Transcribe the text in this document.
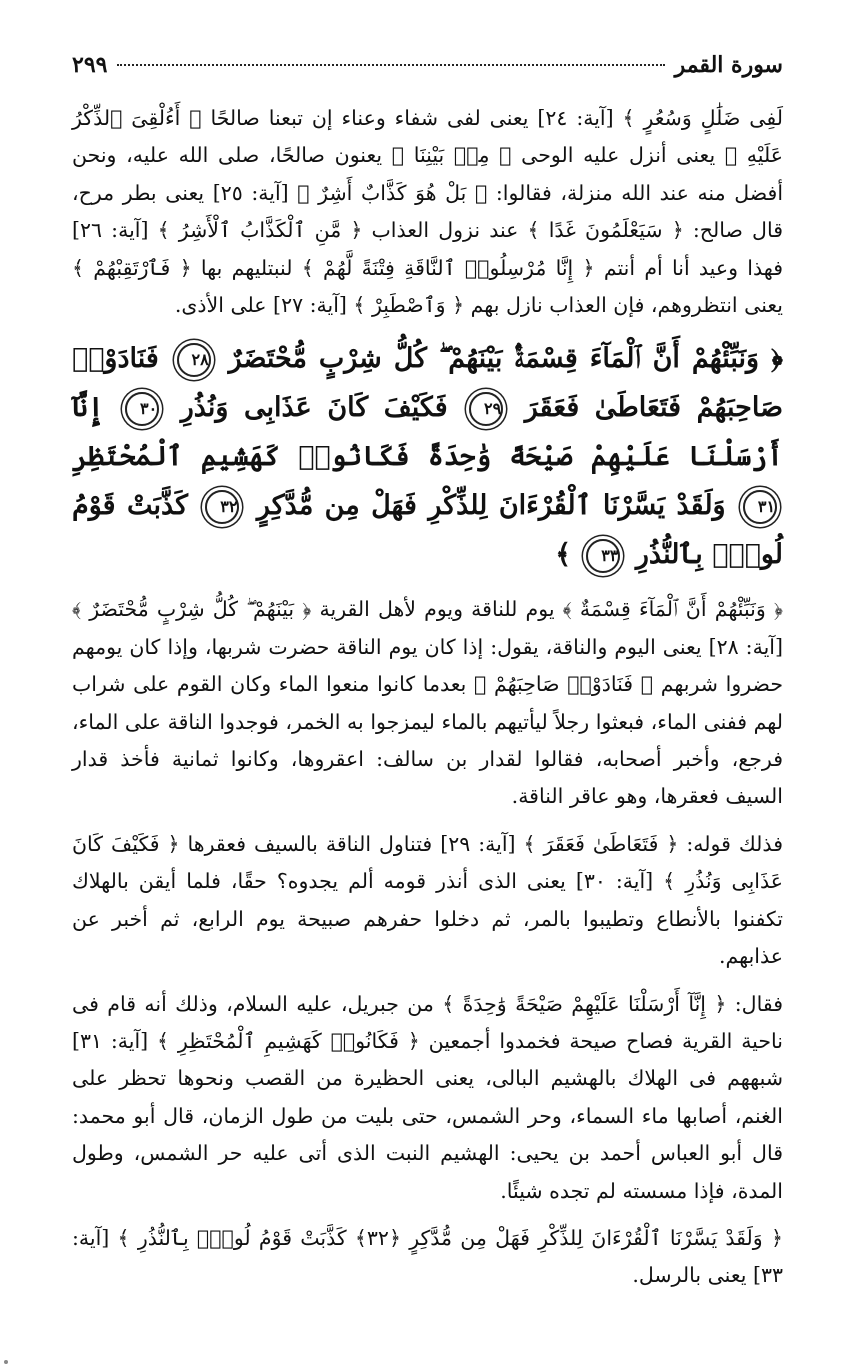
سورة القمر
٢٩٩

لَفِى ضَلَٰلٍ وَسُعُرٍ ﴾ [آية: ٢٤] يعنى لفى شفاء وعناء إن تبعنا صالحًا ﴿ أَءُلْقِىَ ٱلذِّكْرُ عَلَيْهِ ﴾ يعنى أنزل عليه الوحى ﴿ مِنۢ بَيْنِنَا ﴾ يعنون صالحًا، صلى الله عليه، ونحن أفضل منه عند الله منزلة، فقالوا: ﴿ بَلْ هُوَ كَذَّابٌ أَشِرٌ ﴾ [آية: ٢٥] يعنى بطر مرح، قال صالح: ﴿ سَيَعْلَمُونَ غَدًا ﴾ عند نزول العذاب ﴿ مَّنِ ٱلْكَذَّابُ ٱلْأَشِرُ ﴾ [آية: ٢٦] فهذا وعيد أنا أم أنتم ﴿ إِنَّا مُرْسِلُوا۟ ٱلنَّاقَةِ فِتْنَةً لَّهُمْ ﴾ لنبتليهم بها ﴿ فَٱرْتَقِبْهُمْ ﴾ يعنى انتظروهم، فإن العذاب نازل بهم ﴿ وَٱصْطَبِرْ ﴾ [آية: ٢٧] على الأذى.

﴿ وَنَبِّئْهُمْ أَنَّ ٱلْمَآءَ قِسْمَةٌۢ بَيْنَهُمْ ۖ كُلُّ شِرْبٍ مُّحْتَضَرٌ ٢٨ فَنَادَوْا۟ صَاحِبَهُمْ فَتَعَاطَىٰ فَعَقَرَ ٢٩ فَكَيْفَ كَانَ عَذَابِى وَنُذُرِ ٣٠ إِنَّآ أَرْسَلْنَا عَلَيْهِمْ صَيْحَةً وَٰحِدَةً فَكَانُوا۟ كَهَشِيمِ ٱلْمُحْتَظِرِ ٣١ وَلَقَدْ يَسَّرْنَا ٱلْقُرْءَانَ لِلذِّكْرِ فَهَلْ مِن مُّدَّكِرٍ ٣٢ كَذَّبَتْ قَوْمُ لُوطٍۭ بِٱلنُّذُرِ ٣٣ ﴾

﴿ وَنَبِّئْهُمْ أَنَّ ٱلْمَآءَ قِسْمَةٌ ﴾ يوم للناقة ويوم لأهل القرية ﴿ بَيْنَهُمْ ۖ كُلُّ شِرْبٍ مُّحْتَضَرٌ ﴾ [آية: ٢٨] يعنى اليوم والناقة، يقول: إذا كان يوم الناقة حضرت شربها، وإذا كان يومهم حضروا شربهم ﴿ فَنَادَوْا۟ صَاحِبَهُمْ ﴾ بعدما كانوا منعوا الماء وكان القوم على شراب لهم ففنى الماء، فبعثوا رجلاً ليأتيهم بالماء ليمزجوا به الخمر، فوجدوا الناقة على الماء، فرجع، وأخبر أصحابه، فقالوا لقدار بن سالف: اعقروها، وكانوا ثمانية فأخذ قدار السيف فعقرها، وهو عاقر الناقة.

فذلك قوله: ﴿ فَتَعَاطَىٰ فَعَقَرَ ﴾ [آية: ٢٩] فتناول الناقة بالسيف فعقرها ﴿ فَكَيْفَ كَانَ عَذَابِى وَنُذُرِ ﴾ [آية: ٣٠] يعنى الذى أنذر قومه ألم يجدوه؟ حقًا، فلما أيقن بالهلاك تكفنوا بالأنطاع وتطيبوا بالمر، ثم دخلوا حفرهم صبيحة يوم الرابع، ثم أخبر عن عذابهم.

فقال: ﴿ إِنَّآ أَرْسَلْنَا عَلَيْهِمْ صَيْحَةً وَٰحِدَةً ﴾ من جبريل، عليه السلام، وذلك أنه قام فى ناحية القرية فصاح صيحة فخمدوا أجمعين ﴿ فَكَانُوا۟ كَهَشِيمِ ٱلْمُحْتَظِرِ ﴾ [آية: ٣١] شبههم فى الهلاك بالهشيم البالى، يعنى الحظيرة من القصب ونحوها تحظر على الغنم، أصابها ماء السماء، وحر الشمس، حتى بليت من طول الزمان، قال أبو محمد: قال أبو العباس أحمد بن يحيى: الهشيم النبت الذى أتى عليه حر الشمس، وطول المدة، فإذا مسسته لم تجده شيئًا.

﴿ وَلَقَدْ يَسَّرْنَا ٱلْقُرْءَانَ لِلذِّكْرِ فَهَلْ مِن مُّدَّكِرٍ ﴿٣٢﴾ كَذَّبَتْ قَوْمُ لُوطٍۭ بِٱلنُّذُرِ ﴾ [آية: ٣٣] يعنى بالرسل.
